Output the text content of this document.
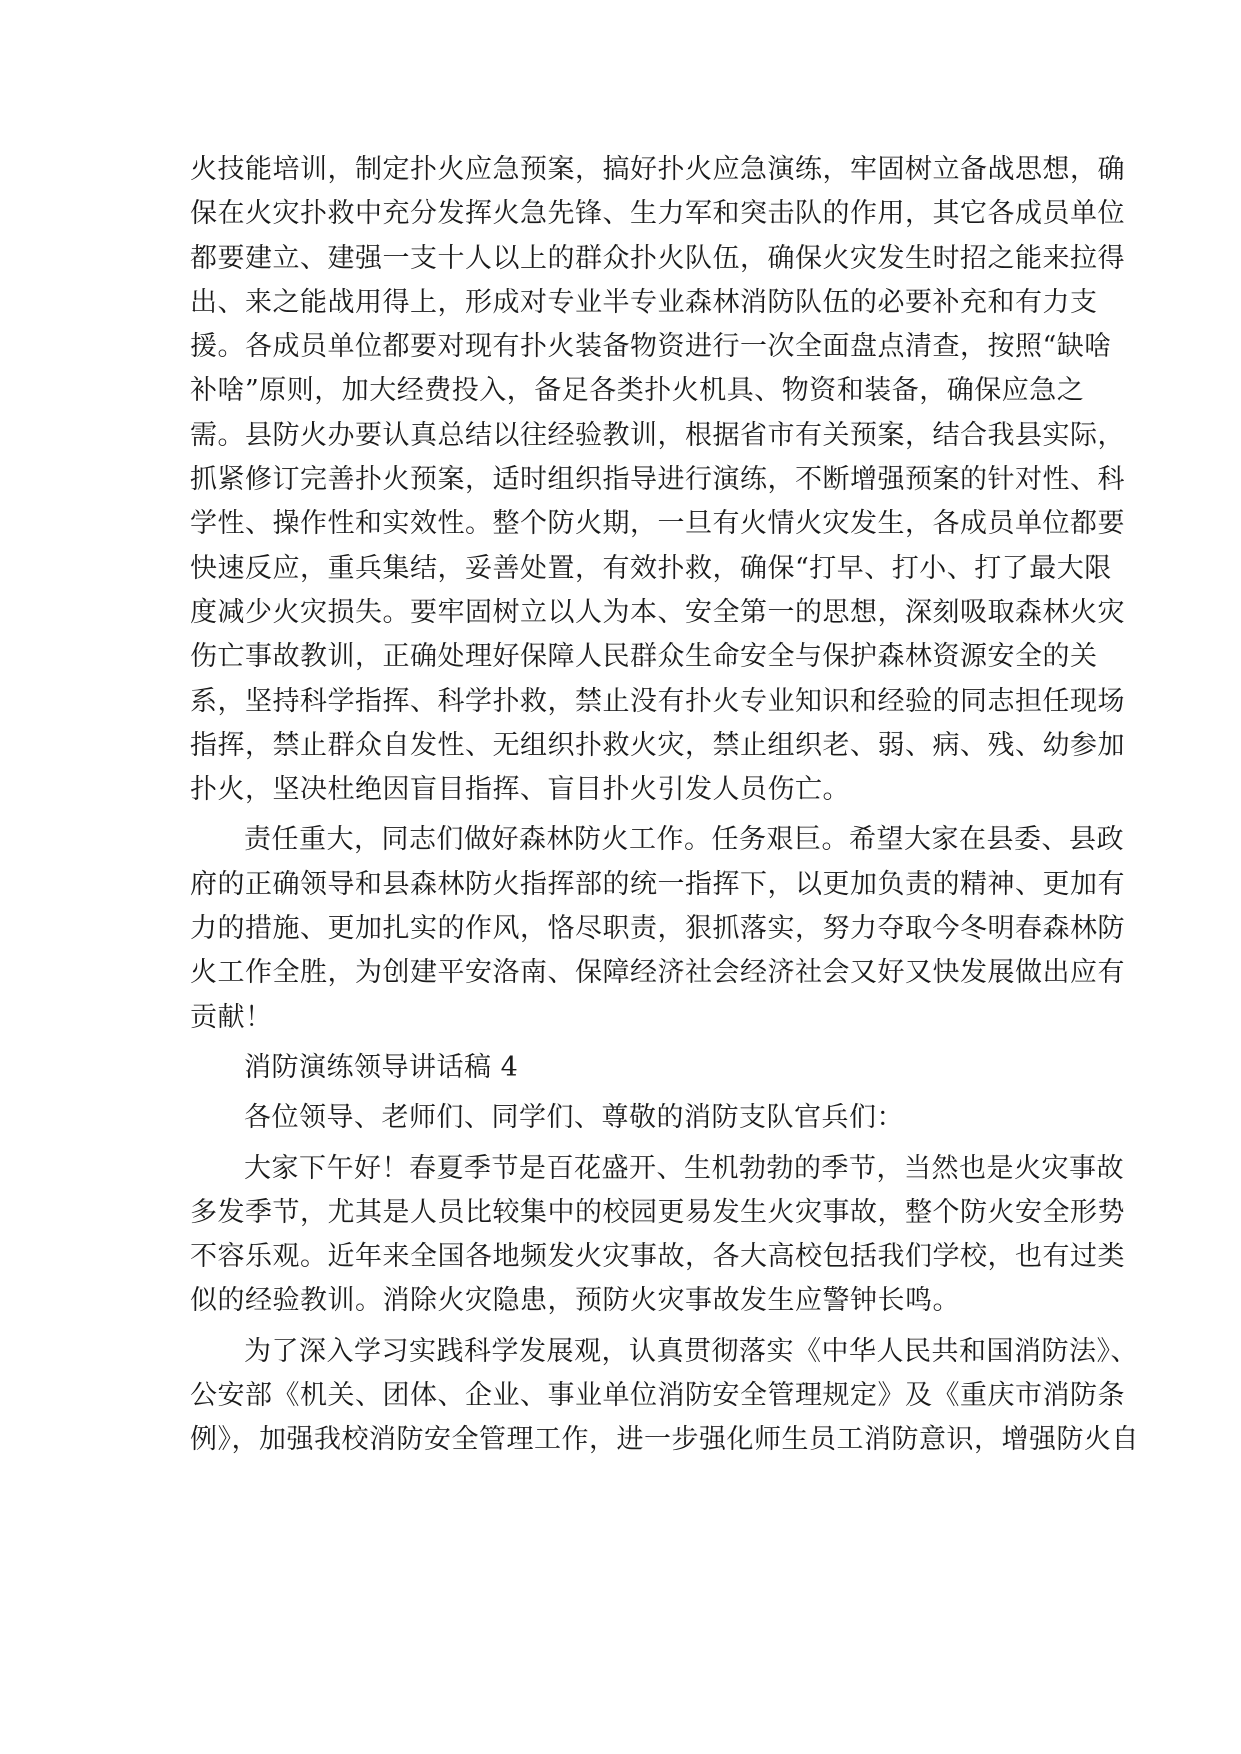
火技能培训，制定扑火应急预案，搞好扑火应急演练，牢固树立备战思想，确
保在火灾扑救中充分发挥火急先锋、生力军和突击队的作用，其它各成员单位
都要建立、建强一支十人以上的群众扑火队伍，确保火灾发生时招之能来拉得
出、来之能战用得上，形成对专业半专业森林消防队伍的必要补充和有力支
援。各成员单位都要对现有扑火装备物资进行一次全面盘点清查，按照“缺啥
补啥”原则，加大经费投入，备足各类扑火机具、物资和装备，确保应急之
需。县防火办要认真总结以往经验教训，根据省市有关预案，结合我县实际，
抓紧修订完善扑火预案，适时组织指导进行演练，不断增强预案的针对性、科
学性、操作性和实效性。整个防火期，一旦有火情火灾发生，各成员单位都要
快速反应，重兵集结，妥善处置，有效扑救，确保“打早、打小、打了最大限
度减少火灾损失。要牢固树立以人为本、安全第一的思想，深刻吸取森林火灾
伤亡事故教训，正确处理好保障人民群众生命安全与保护森林资源安全的关
系，坚持科学指挥、科学扑救，禁止没有扑火专业知识和经验的同志担任现场
指挥，禁止群众自发性、无组织扑救火灾，禁止组织老、弱、病、残、幼参加
扑火，坚决杜绝因盲目指挥、盲目扑火引发人员伤亡。
责任重大，同志们做好森林防火工作。任务艰巨。希望大家在县委、县政
府的正确领导和县森林防火指挥部的统一指挥下，以更加负责的精神、更加有
力的措施、更加扎实的作风，恪尽职责，狠抓落实，努力夺取今冬明春森林防
火工作全胜，为创建平安洛南、保障经济社会经济社会又好又快发展做出应有
贡献！
消防演练领导讲话稿 4
各位领导、老师们、同学们、尊敬的消防支队官兵们：
大家下午好！春夏季节是百花盛开、生机勃勃的季节，当然也是火灾事故
多发季节，尤其是人员比较集中的校园更易发生火灾事故，整个防火安全形势
不容乐观。近年来全国各地频发火灾事故，各大高校包括我们学校，也有过类
似的经验教训。消除火灾隐患，预防火灾事故发生应警钟长鸣。
为了深入学习实践科学发展观，认真贯彻落实《中华人民共和国消防法》、
公安部《机关、团体、企业、事业单位消防安全管理规定》及《重庆市消防条
例》，加强我校消防安全管理工作，进一步强化师生员工消防意识，增强防火自
